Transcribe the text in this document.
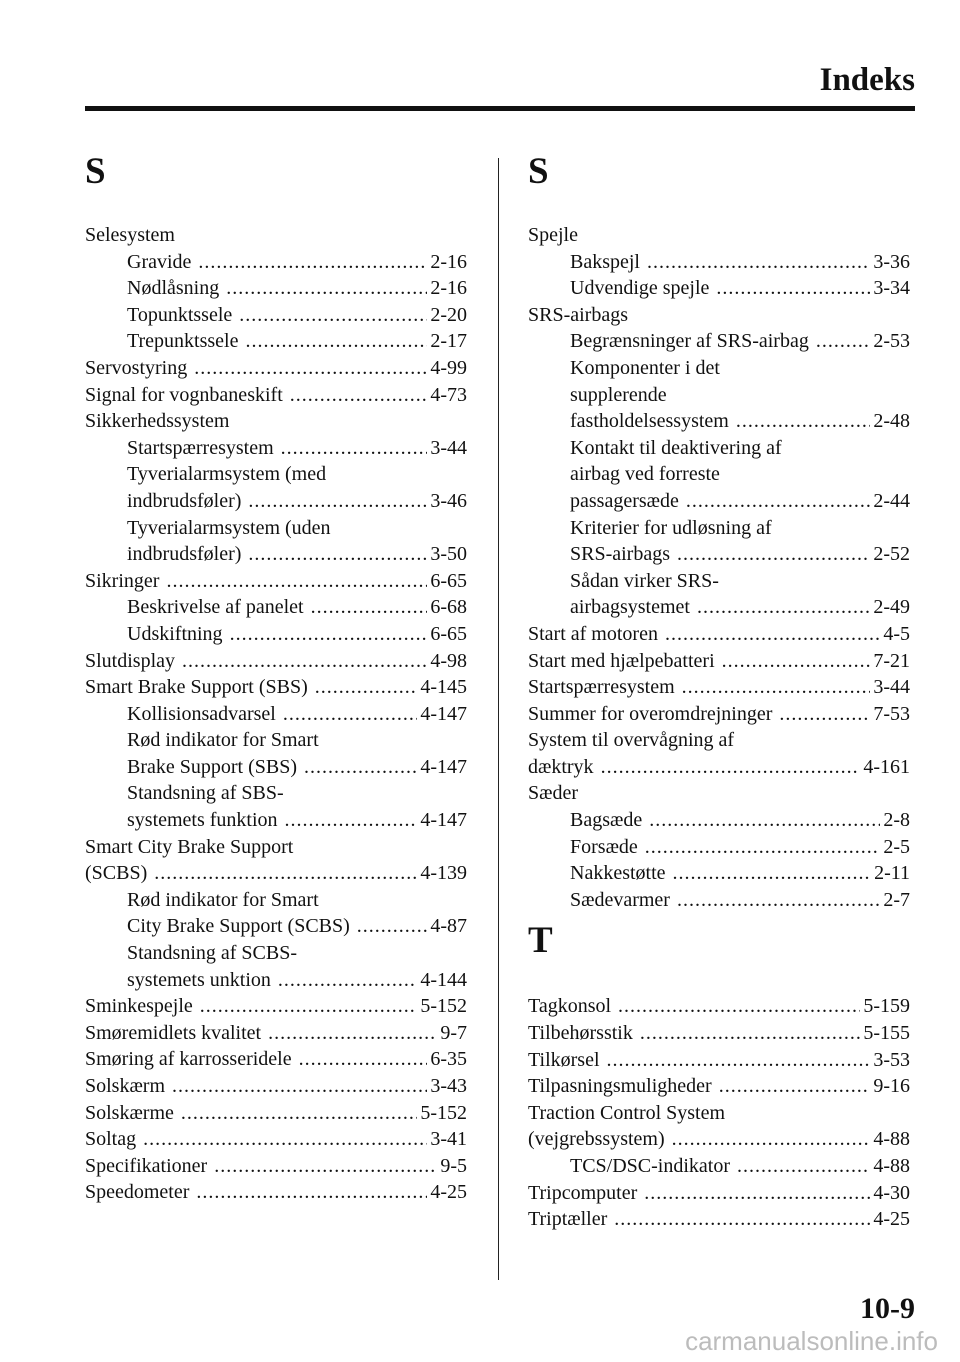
Indeks
S
Selesystem
Gravide .....	2-16
Nødlåsning .....	2-16
Topunktssele .....	2-20
Trepunktssele .....	2-17
Servostyring .....	4-99
Signal for vognbaneskift .....	4-73
Sikkerhedssystem
Startspærresystem .....	3-44
Tyverialarmsystem (med
indbrudsføler) .....	3-46
Tyverialarmsystem (uden
indbrudsføler) .....	3-50
Sikringer .....	6-65
Beskrivelse af panelet .....	6-68
Udskiftning .....	6-65
Slutdisplay .....	4-98
Smart Brake Support (SBS) .....	4-145
Kollisionsadvarsel .....	4-147
Rød indikator for Smart
Brake Support (SBS) .....	4-147
Standsning af SBS-
systemets funktion .....	4-147
Smart City Brake Support
(SCBS) .....	4-139
Rød indikator for Smart
City Brake Support (SCBS) .....	4-87
Standsning af SCBS-
systemets unktion .....	4-144
Sminkespejle .....	5-152
Smøremidlets kvalitet .....	9-7
Smøring af karrosseridele .....	6-35
Solskærm .....	3-43
Solskærme .....	5-152
Soltag .....	3-41
Specifikationer .....	9-5
Speedometer .....	4-25
S
Spejle
Bakspejl .....	3-36
Udvendige spejle .....	3-34
SRS-airbags
Begrænsninger af SRS-airbag .....	2-53
Komponenter i det
supplerende
fastholdelsessystem .....	2-48
Kontakt til deaktivering af
airbag ved forreste
passagersæde .....	2-44
Kriterier for udløsning af
SRS-airbags .....	2-52
Sådan virker SRS-
airbagsystemet .....	2-49
Start af motoren .....	4-5
Start med hjælpebatteri .....	7-21
Startspærresystem .....	3-44
Summer for overomdrejninger .....	7-53
System til overvågning af
dæktryk .....	4-161
Sæder
Bagsæde .....	2-8
Forsæde .....	2-5
Nakkestøtte .....	2-11
Sædevarmer .....	2-7
T
Tagkonsol .....	5-159
Tilbehørsstik .....	5-155
Tilkørsel .....	3-53
Tilpasningsmuligheder .....	9-16
Traction Control System
(vejgrebssystem) .....	4-88
TCS/DSC-indikator .....	4-88
Tripcomputer .....	4-30
Triptæller .....	4-25
10-9
carmanualsonline.info
